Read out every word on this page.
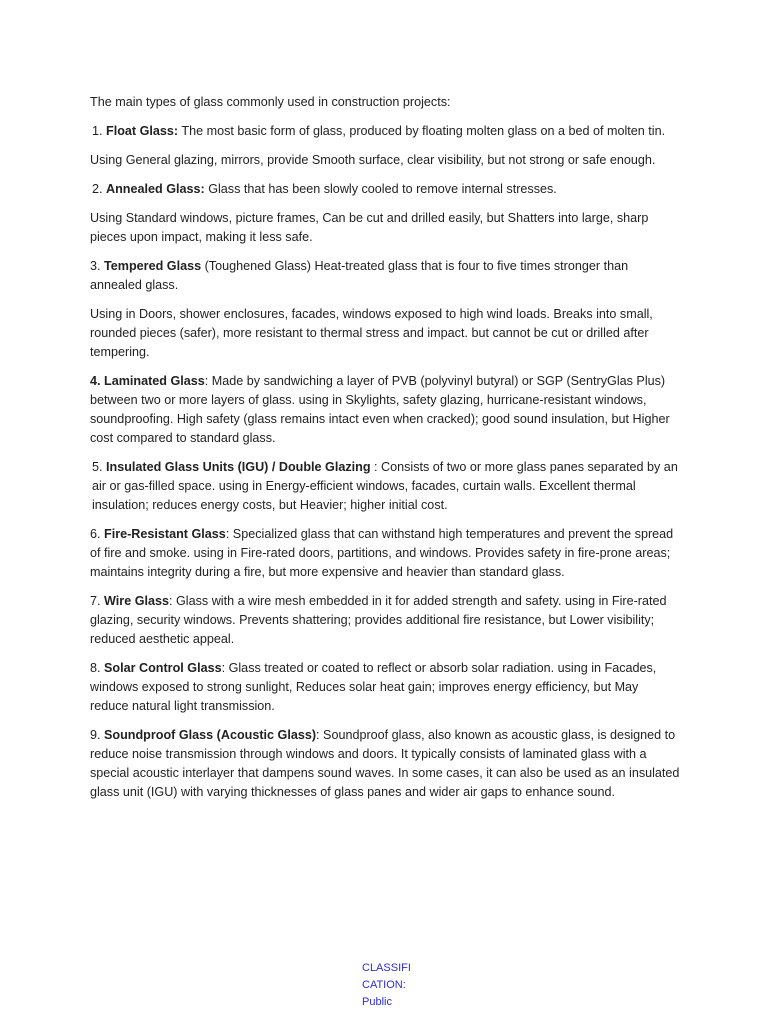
The main types of glass commonly used in construction projects:

1. Float Glass: The most basic form of glass, produced by floating molten glass on a bed of molten tin.

Using General glazing, mirrors, provide Smooth surface, clear visibility, but not strong or safe enough.

2. Annealed Glass: Glass that has been slowly cooled to remove internal stresses.

Using Standard windows, picture frames, Can be cut and drilled easily, but Shatters into large, sharp pieces upon impact, making it less safe.

3. Tempered Glass (Toughened Glass) Heat-treated glass that is four to five times stronger than annealed glass.

Using in Doors, shower enclosures, facades, windows exposed to high wind loads. Breaks into small, rounded pieces (safer), more resistant to thermal stress and impact. but cannot be cut or drilled after tempering.

4. Laminated Glass: Made by sandwiching a layer of PVB (polyvinyl butyral) or SGP (SentryGlas Plus) between two or more layers of glass. using in Skylights, safety glazing, hurricane-resistant windows, soundproofing. High safety (glass remains intact even when cracked); good sound insulation, but Higher cost compared to standard glass.

5. Insulated Glass Units (IGU) / Double Glazing : Consists of two or more glass panes separated by an air or gas-filled space. using in Energy-efficient windows, facades, curtain walls. Excellent thermal insulation; reduces energy costs, but Heavier; higher initial cost.

6. Fire-Resistant Glass: Specialized glass that can withstand high temperatures and prevent the spread of fire and smoke. using in Fire-rated doors, partitions, and windows. Provides safety in fire-prone areas; maintains integrity during a fire, but more expensive and heavier than standard glass.

7. Wire Glass: Glass with a wire mesh embedded in it for added strength and safety. using in Fire-rated glazing, security windows. Prevents shattering; provides additional fire resistance, but Lower visibility; reduced aesthetic appeal.

8. Solar Control Glass: Glass treated or coated to reflect or absorb solar radiation. using in Facades, windows exposed to strong sunlight, Reduces solar heat gain; improves energy efficiency, but May reduce natural light transmission.

9. Soundproof Glass (Acoustic Glass): Soundproof glass, also known as acoustic glass, is designed to reduce noise transmission through windows and doors. It typically consists of laminated glass with a special acoustic interlayer that dampens sound waves. In some cases, it can also be used as an insulated glass unit (IGU) with varying thicknesses of glass panes and wider air gaps to enhance sound.

CLASSIFI
CATION:
Public
